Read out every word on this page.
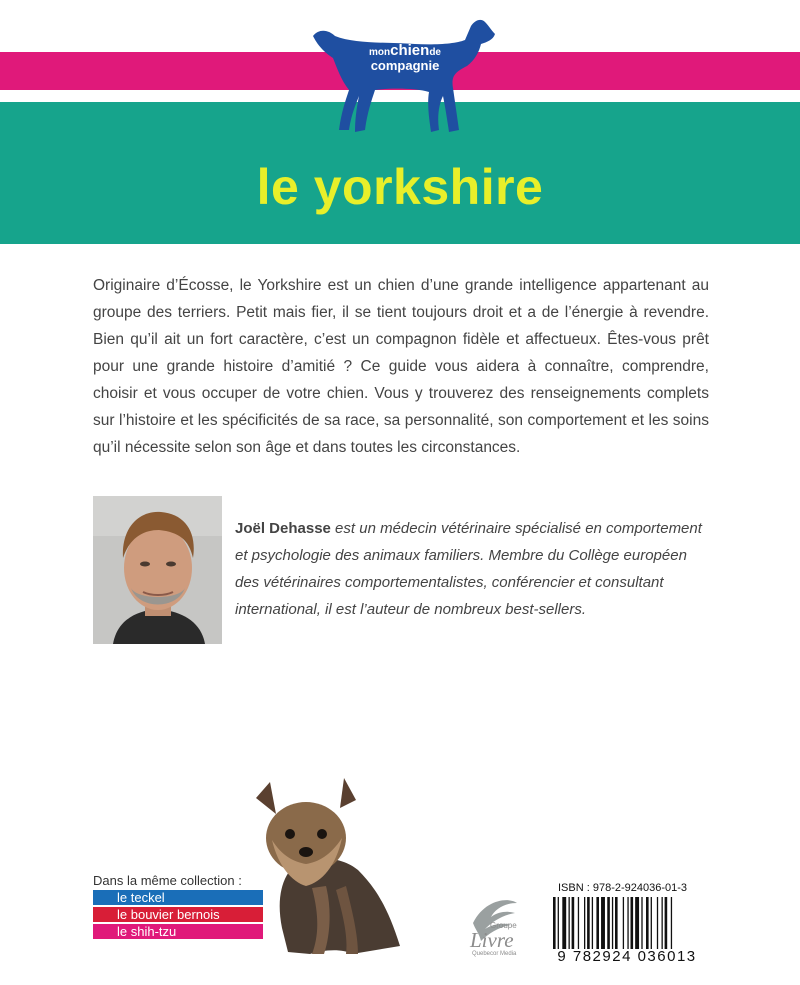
monchiende
compagnie
le yorkshire

Originaire d’Écosse, le Yorkshire est un chien d’une grande intelligence appartenant au groupe des terriers. Petit mais fier, il se tient toujours droit et a de l’énergie à revendre. Bien qu’il ait un fort caractère, c’est un compagnon fidèle et affectueux. Êtes-vous prêt pour une grande histoire d’amitié ? Ce guide vous aidera à connaître, comprendre, choisir et vous occuper de votre chien. Vous y trouverez des renseignements complets sur l’histoire et les spécificités de sa race, sa personnalité, son comportement et les soins qu’il nécessite selon son âge et dans toutes les circonstances.

Joël Dehasse est un médecin vétérinaire spécialisé en comportement et psychologie des animaux familiers. Membre du Collège européen des vétérinaires comportementalistes, conférencier et consultant international, il est l’auteur de nombreux best-sellers.

Dans la même collection :
le teckel
le bouvier bernois
le shih-tzu	Groupe
Livre
Quebecor Media
ISBN : 978-2-924036-01-3
9 782924 036013
